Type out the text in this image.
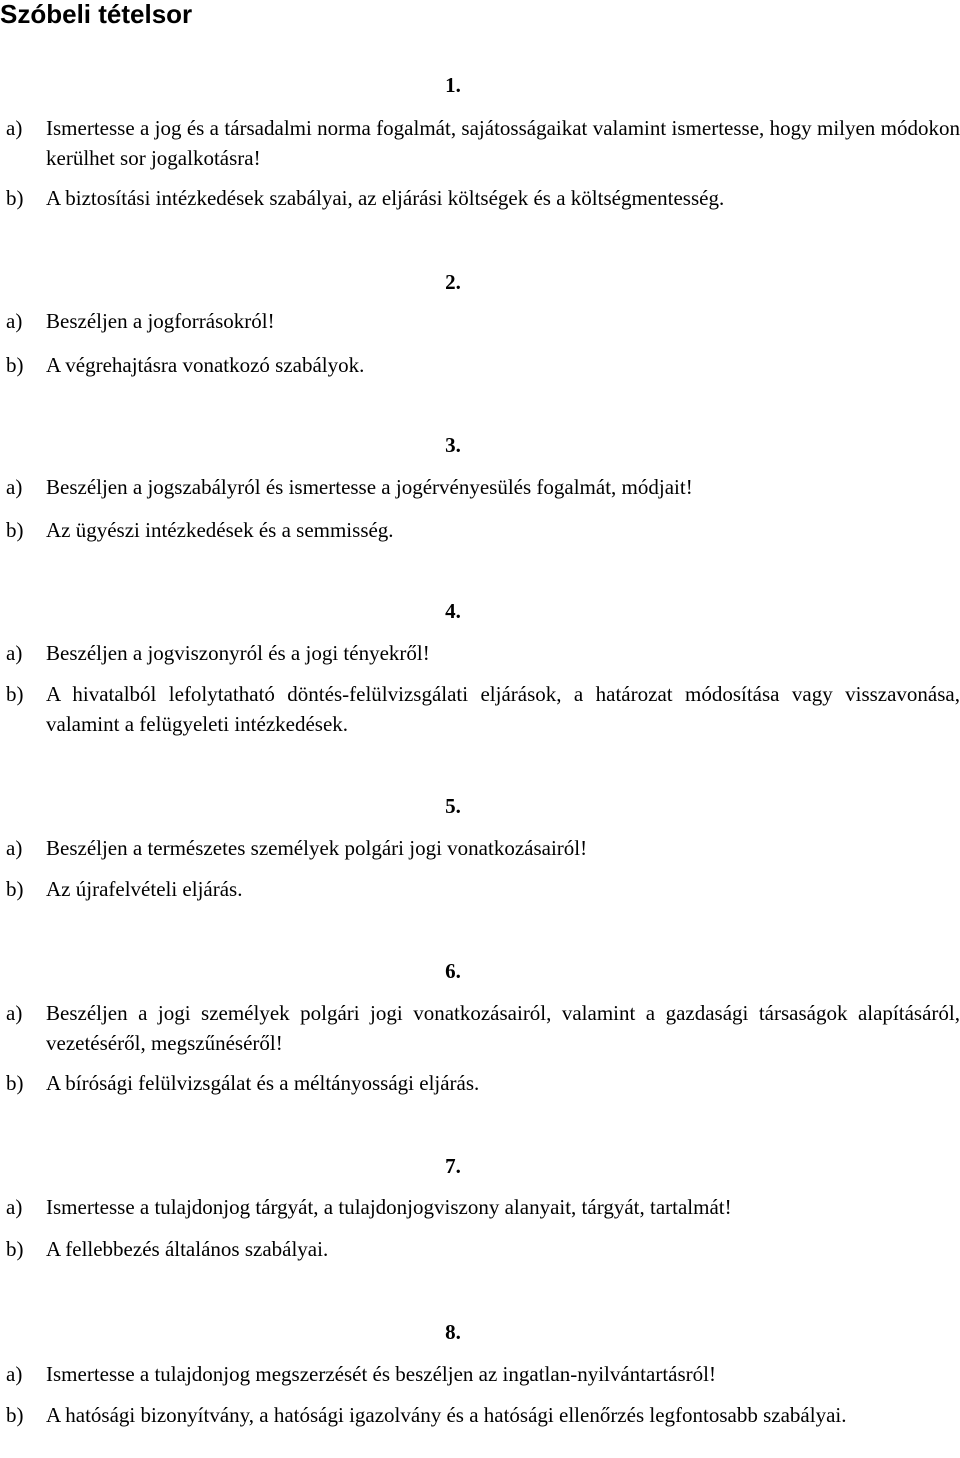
Szóbeli tételsor
1.
a) Ismertesse a jog és a társadalmi norma fogalmát, sajátosságaikat valamint ismertesse, hogy milyen módokon kerülhet sor jogalkotásra!
b) A biztosítási intézkedések szabályai, az eljárási költségek és a költségmentesség.
2.
a) Beszéljen a jogforrásokról!
b) A végrehajtásra vonatkozó szabályok.
3.
a) Beszéljen a jogszabályról és ismertesse a jogérvényesülés fogalmát, módjait!
b) Az ügyészi intézkedések és a semmisség.
4.
a) Beszéljen a jogviszonyról és a jogi tényekről!
b) A hivatalból lefolytatható döntés-felülvizsgálati eljárások, a határozat módosítása vagy visszavonása, valamint a felügyeleti intézkedések.
5.
a) Beszéljen a természetes személyek polgári jogi vonatkozásairól!
b) Az újrafelvételi eljárás.
6.
a) Beszéljen a jogi személyek polgári jogi vonatkozásairól, valamint a gazdasági társaságok alapításáról, vezetéséről, megszűnéséről!
b) A bírósági felülvizsgálat és a méltányossági eljárás.
7.
a) Ismertesse a tulajdonjog tárgyát, a tulajdonjogviszony alanyait, tárgyát, tartalmát!
b) A fellebbezés általános szabályai.
8.
a) Ismertesse a tulajdonjog megszerzését és beszéljen az ingatlan-nyilvántartásról!
b) A hatósági bizonyítvány, a hatósági igazolvány és a hatósági ellenőrzés legfontosabb szabályai.
